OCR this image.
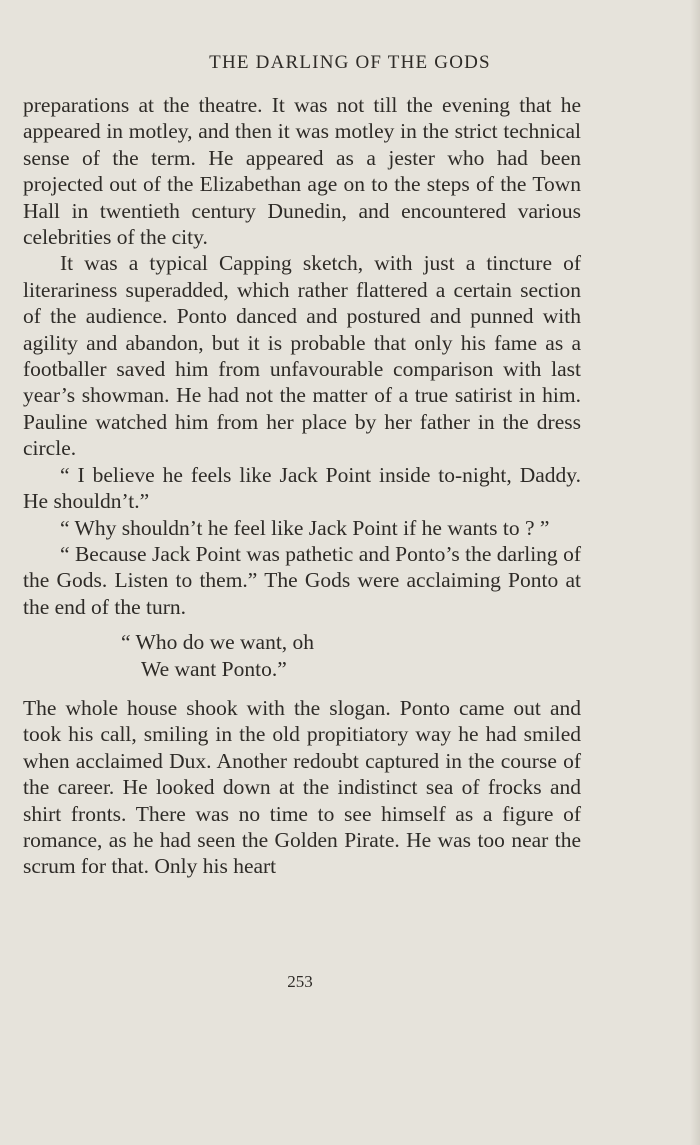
THE DARLING OF THE GODS

preparations at the theatre. It was not till the evening that he appeared in motley, and then it was motley in the strict technical sense of the term. He appeared as a jester who had been projected out of the Elizabethan age on to the steps of the Town Hall in twentieth century Dunedin, and encountered various celebrities of the city.

It was a typical Capping sketch, with just a tincture of literariness superadded, which rather flattered a certain section of the audience. Ponto danced and postured and punned with agility and abandon, but it is probable that only his fame as a footballer saved him from unfavourable comparison with last year’s showman. He had not the matter of a true satirist in him. Pauline watched him from her place by her father in the dress circle.

“ I believe he feels like Jack Point inside to-night, Daddy. He shouldn’t.”

“ Why shouldn’t he feel like Jack Point if he wants to ? ”

“ Because Jack Point was pathetic and Ponto’s the darling of the Gods. Listen to them.” The Gods were acclaiming Ponto at the end of the turn.

“ Who do we want, oh
We want Ponto.”

The whole house shook with the slogan. Ponto came out and took his call, smiling in the old propitiatory way he had smiled when acclaimed Dux. Another redoubt captured in the course of the career. He looked down at the indistinct sea of frocks and shirt fronts. There was no time to see himself as a figure of romance, as he had seen the Golden Pirate. He was too near the scrum for that. Only his heart

253
